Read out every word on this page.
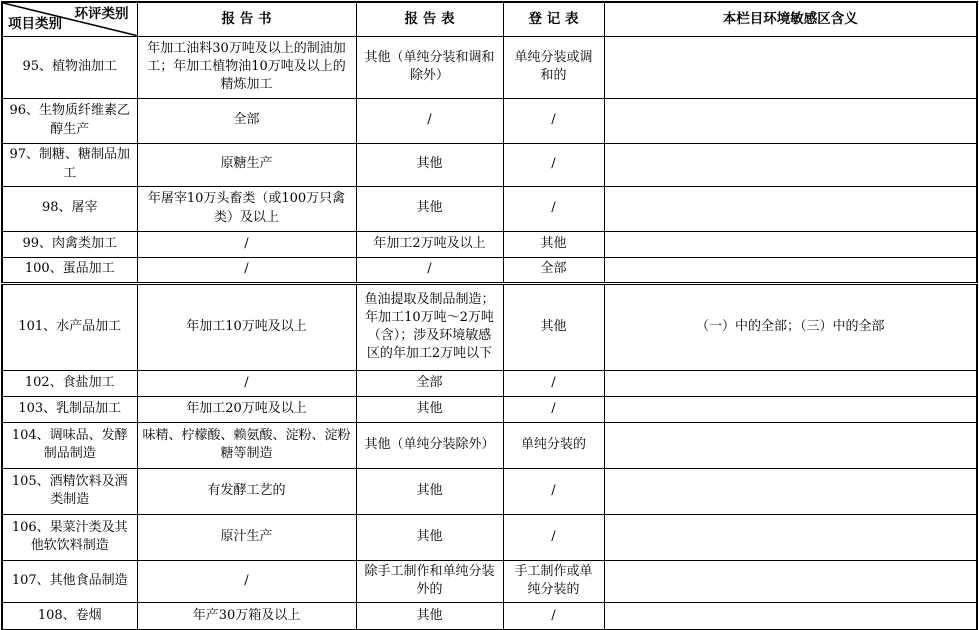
环评类别
项目类别	报 告 书	报 告 表	登 记 表	本栏目环境敏感区含义
95、植物油加工	年加工油料30万吨及以上的制油加工；年加工植物油10万吨及以上的精炼加工	其他（单纯分装和调和除外）	单纯分装或调和的	
96、生物质纤维素乙醇生产	全部	/	/	
97、制糖、糖制品加工	原糖生产	其他	/	
98、屠宰	年屠宰10万头畜类（或100万只禽类）及以上	其他	/	
99、肉禽类加工	/	年加工2万吨及以上	其他	
100、蛋品加工	/	/	全部	
101、水产品加工	年加工10万吨及以上	鱼油提取及制品制造；年加工10万吨～2万吨（含）；涉及环境敏感区的年加工2万吨以下	其他	（一）中的全部；（三）中的全部
102、食盐加工	/	全部	/	
103、乳制品加工	年加工20万吨及以上	其他	/	
104、调味品、发酵制品制造	味精、柠檬酸、赖氨酸、淀粉、淀粉糖等制造	其他（单纯分装除外）	单纯分装的	
105、酒精饮料及酒类制造	有发酵工艺的	其他	/	
106、果菜汁类及其他软饮料制造	原汁生产	其他	/	
107、其他食品制造	/	除手工制作和单纯分装外的	手工制作或单纯分装的	
108、卷烟	年产30万箱及以上	其他	/	
